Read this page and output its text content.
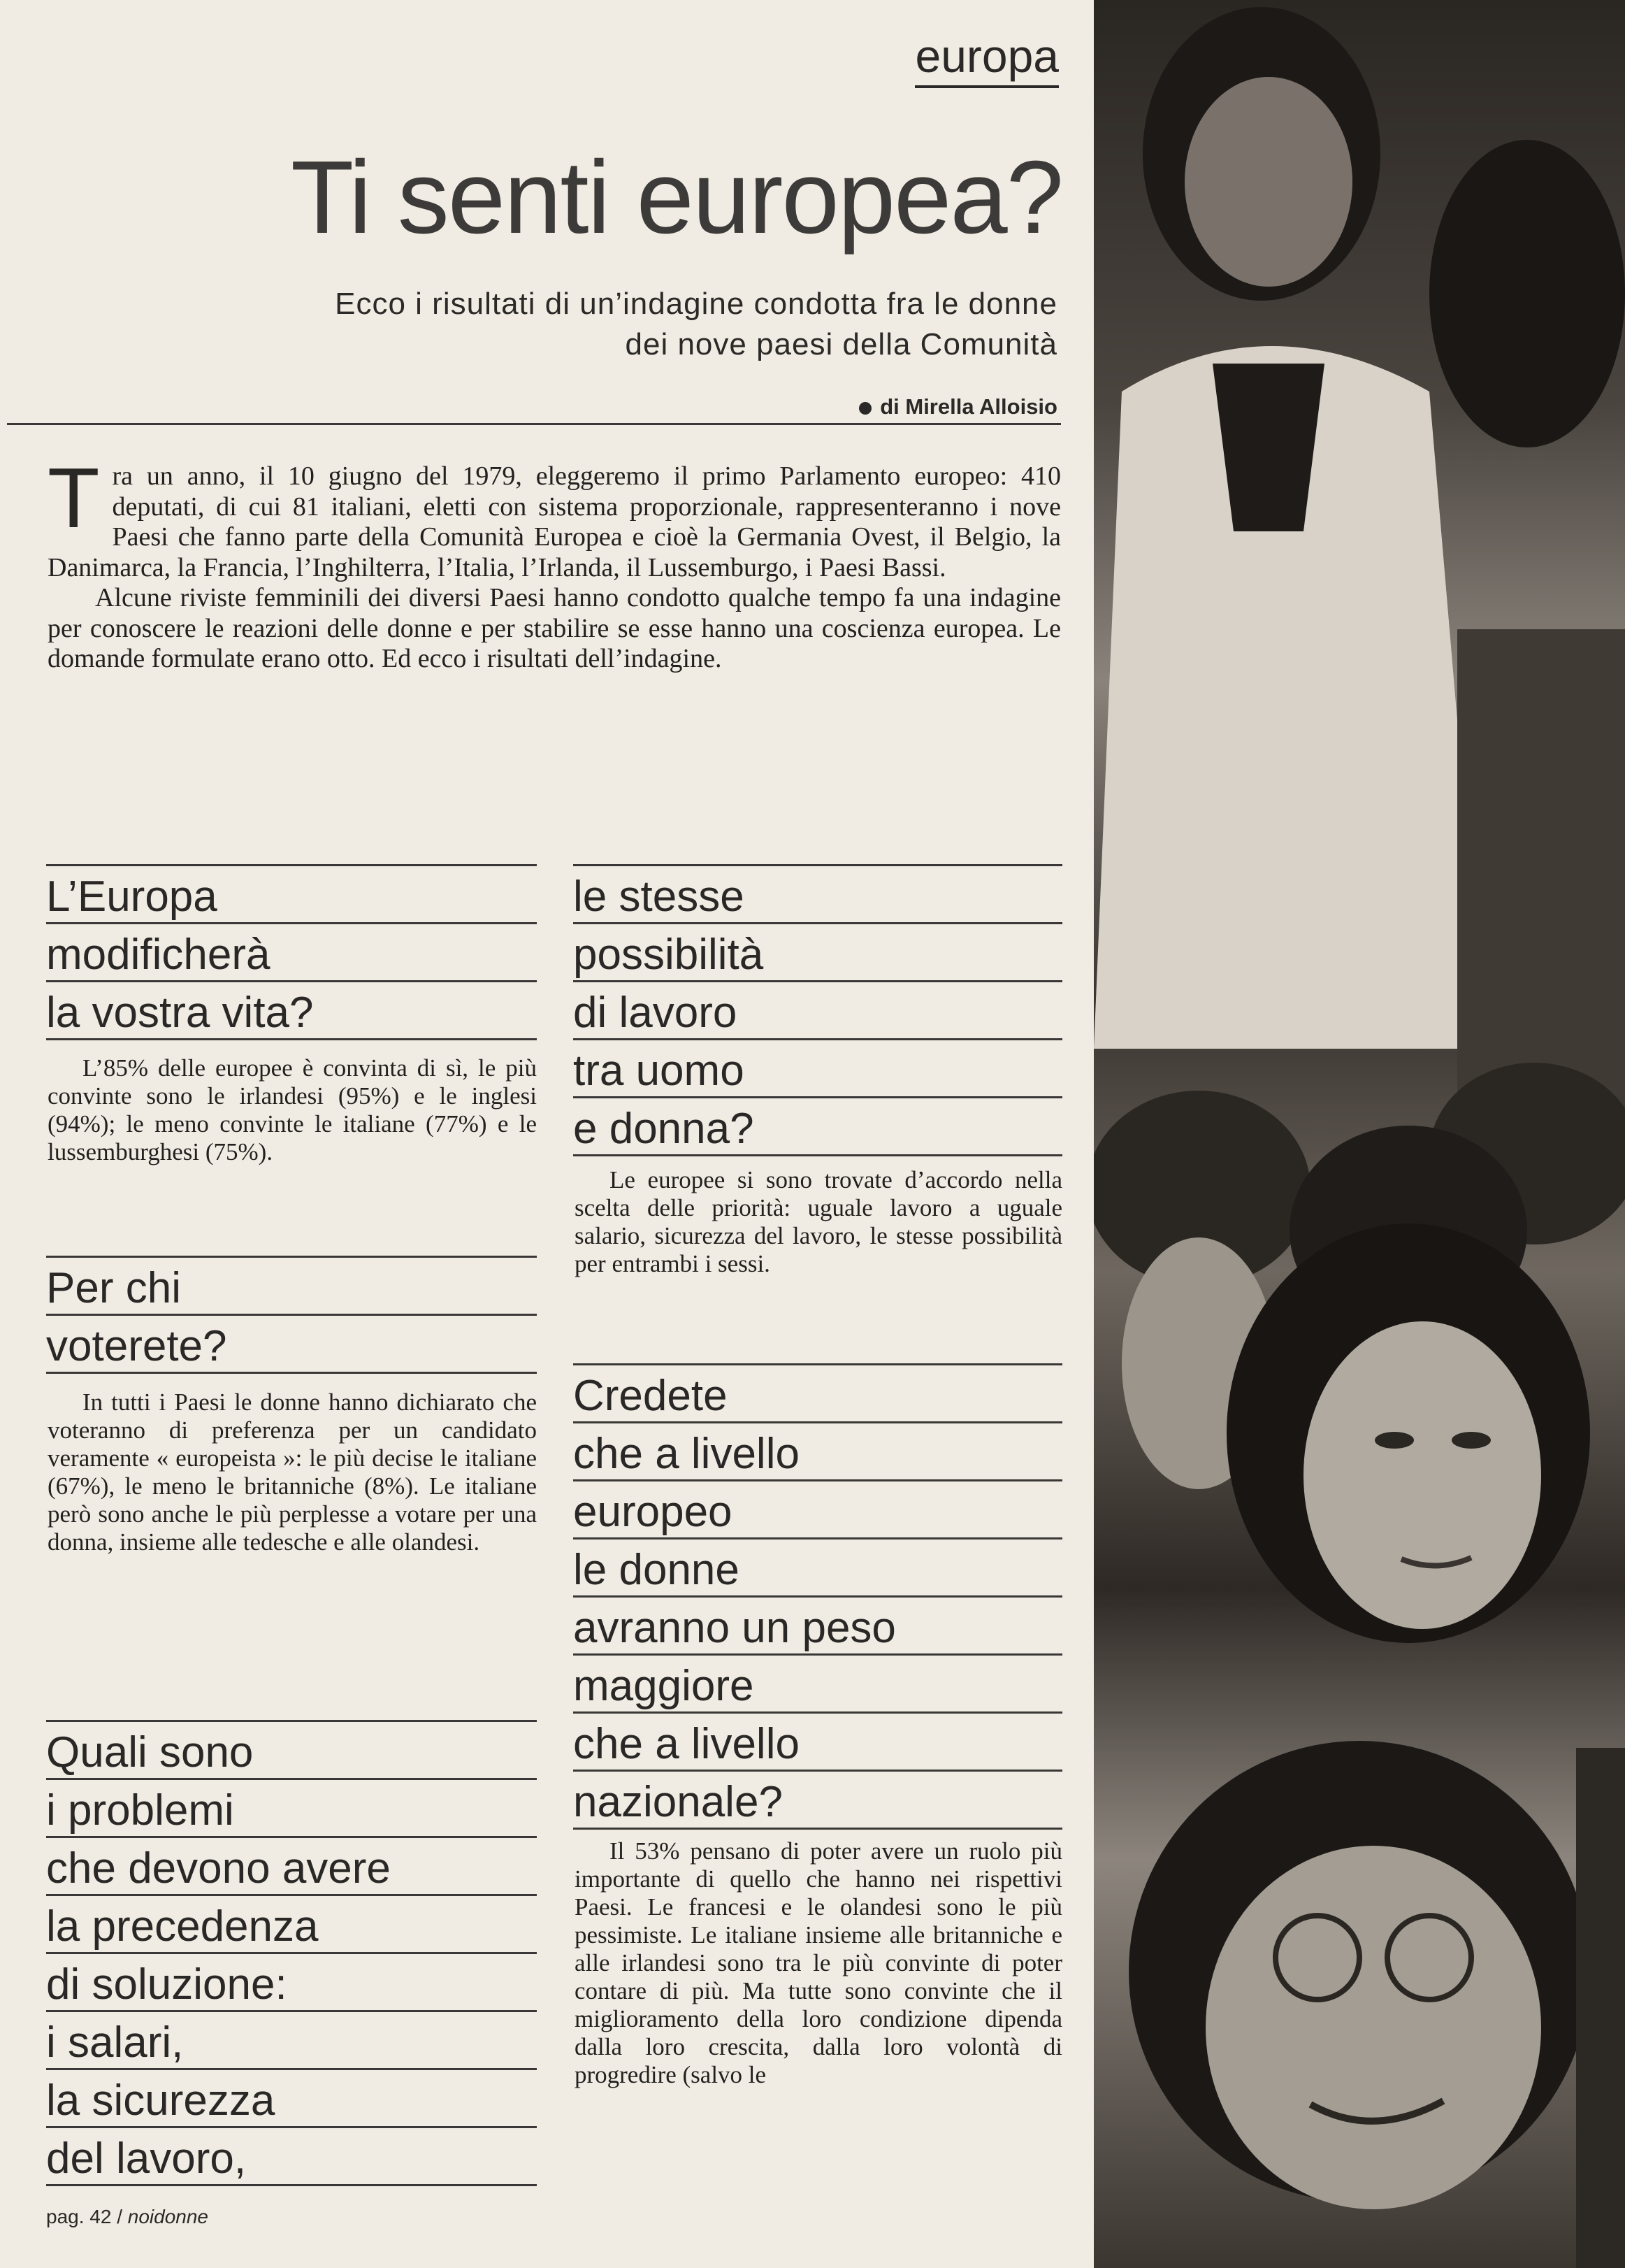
europa
Ti senti europea?
Ecco i risultati di un’indagine condotta fra le donne
dei nove paesi della Comunità
di Mirella Alloisio

Tra un anno, il 10 giugno del 1979, eleggeremo il primo Parlamento europeo: 410 deputati, di cui 81 italiani, eletti con sistema proporzionale, rappresenteranno i nove Paesi che fanno parte della Comunità Europea e cioè la Germania Ovest, il Belgio, la Danimarca, la Francia, l’Inghilterra, l’Italia, l’Irlanda, il Lussemburgo, i Paesi Bassi.

Alcune riviste femminili dei diversi Paesi hanno condotto qualche tempo fa una indagine per conoscere le reazioni delle donne e per stabilire se esse hanno una coscienza europea. Le domande formulate erano otto. Ed ecco i risultati dell’indagine.

L’Europa
modificherà
la vostra vita?

L’85% delle europee è convinta di sì, le più convinte sono le irlandesi (95%) e le inglesi (94%); le meno convinte le italiane (77%) e le lussemburghesi (75%).

Per chi
voterete?

In tutti i Paesi le donne hanno dichiarato che voteranno di preferenza per un candidato veramente « europeista »: le più decise le italiane (67%), le meno le britanniche (8%). Le italiane però sono anche le più perplesse a votare per una donna, insieme alle tedesche e alle olandesi.

Quali sono
i problemi
che devono avere
la precedenza
di soluzione:
i salari,
la sicurezza
del lavoro,
le stesse
possibilità
di lavoro
tra uomo
e donna?

Le europee si sono trovate d’accordo nella scelta delle priorità: uguale lavoro a uguale salario, sicurezza del lavoro, le stesse possibilità per entrambi i sessi.

Credete
che a livello
europeo
le donne
avranno un peso
maggiore
che a livello
nazionale?

Il 53% pensano di poter avere un ruolo più importante di quello che hanno nei rispettivi Paesi. Le francesi e le olandesi sono le più pessimiste. Le italiane insieme alle britanniche e alle irlandesi sono tra le più convinte di poter contare di più. Ma tutte sono convinte che il miglioramento della loro condizione dipenda dalla loro crescita, dalla loro volontà di progredire (salvo le

pag. 42 / noidonne
